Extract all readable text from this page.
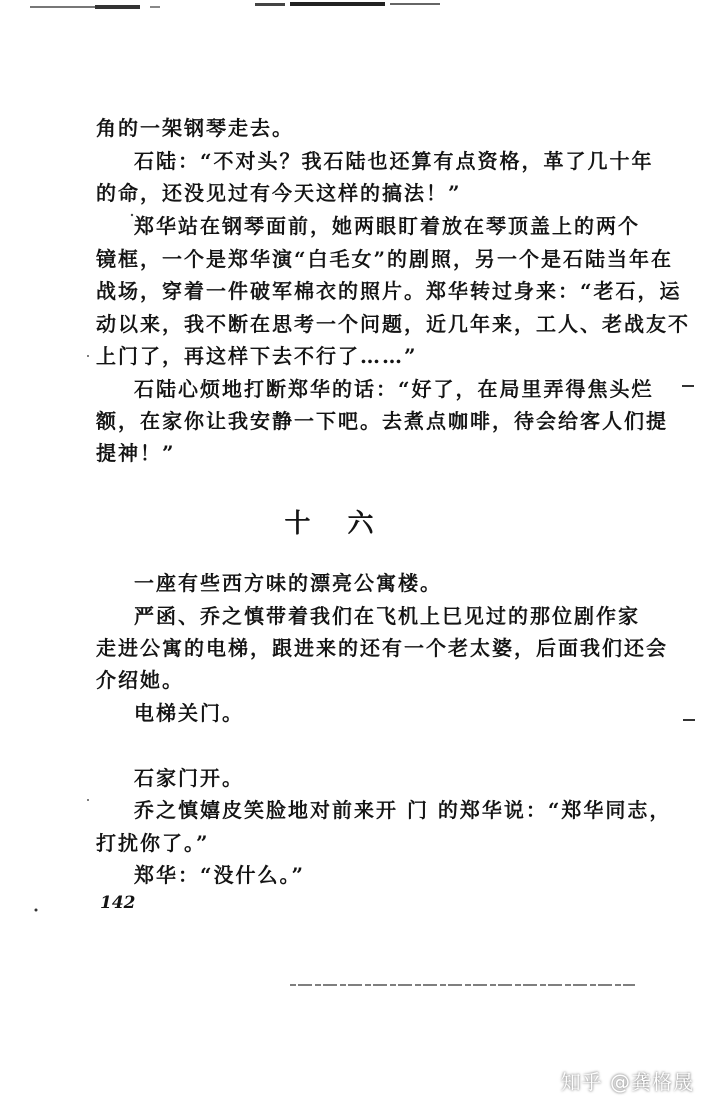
角的一架钢琴走去。
石陆：“不对头？我石陆也还算有点资格，革了几十年
的命，还没见过有今天这样的搞法！”
郑华站在钢琴面前，她两眼盯着放在琴顶盖上的两个
镜框，一个是郑华演“白毛女”的剧照，另一个是石陆当年在
战场，穿着一件破军棉衣的照片。郑华转过身来：“老石，运
动以来，我不断在思考一个问题，近几年来，工人、老战友不
上门了，再这样下去不行了……”
石陆心烦地打断郑华的话：“好了，在局里弄得焦头烂
额，在家你让我安静一下吧。去煮点咖啡，待会给客人们提
提神！”
十 六
一座有些西方味的漂亮公寓楼。
严函、乔之慎带着我们在飞机上巳见过的那位剧作家
走进公寓的电梯，跟进来的还有一个老太婆，后面我们还会
介绍她。
电梯关门。
石家门开。
乔之慎嬉皮笑脸地对前来开 门 的郑华说：“郑华同志，
打扰你了。”
郑华：“没什么。”
142
知乎 @龚格晟
